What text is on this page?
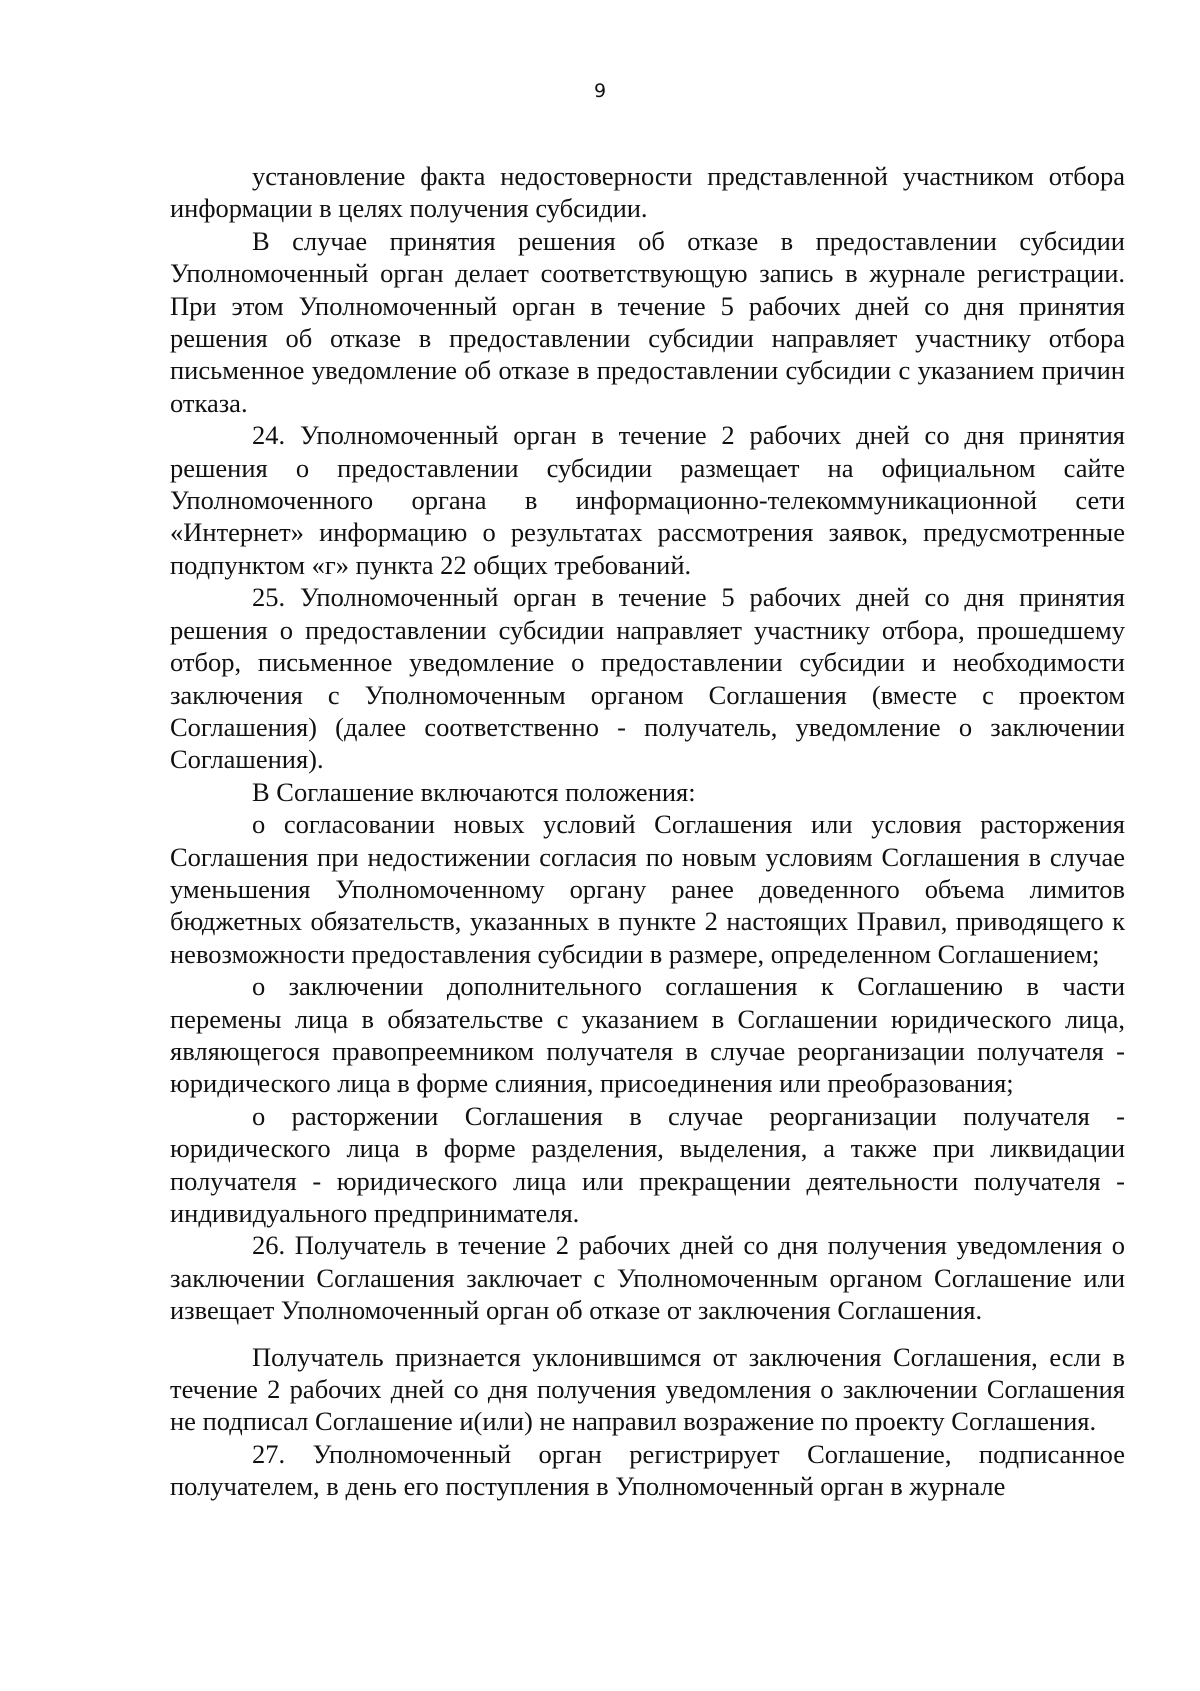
9

установление факта недостоверности представленной участником отбора информации в целях получения субсидии.

В случае принятия решения об отказе в предоставлении субсидии Уполномоченный орган делает соответствующую запись в журнале регистрации. При этом Уполномоченный орган в течение 5 рабочих дней со дня принятия решения об отказе в предоставлении субсидии направляет участнику отбора письменное уведомление об отказе в предоставлении субсидии с указанием причин отказа.

24. Уполномоченный орган в течение 2 рабочих дней со дня принятия решения о предоставлении субсидии размещает на официальном сайте Уполномоченного органа в информационно-телекоммуникационной сети «Интернет» информацию о результатах рассмотрения заявок, предусмотренные подпунктом «г» пункта 22 общих требований.

25. Уполномоченный орган в течение 5 рабочих дней со дня принятия решения о предоставлении субсидии направляет участнику отбора, прошедшему отбор, письменное уведомление о предоставлении субсидии и необходимости заключения с Уполномоченным органом Соглашения (вместе с проектом Соглашения) (далее соответственно - получатель, уведомление о заключении Соглашения).

В Соглашение включаются положения:

о согласовании новых условий Соглашения или условия расторжения Соглашения при недостижении согласия по новым условиям Соглашения в случае уменьшения Уполномоченному органу ранее доведенного объема лимитов бюджетных обязательств, указанных в пункте 2 настоящих Правил, приводящего к невозможности предоставления субсидии в размере, определенном Соглашением;

о заключении дополнительного соглашения к Соглашению в части перемены лица в обязательстве с указанием в Соглашении юридического лица, являющегося правопреемником получателя в случае реорганизации получателя - юридического лица в форме слияния, присоединения или преобразования;

о расторжении Соглашения в случае реорганизации получателя - юридического лица в форме разделения, выделения, а также при ликвидации получателя - юридического лица или прекращении деятельности получателя - индивидуального предпринимателя.

26. Получатель в течение 2 рабочих дней со дня получения уведомления о заключении Соглашения заключает с Уполномоченным органом Соглашение или извещает Уполномоченный орган об отказе от заключения Соглашения.

Получатель признается уклонившимся от заключения Соглашения, если в течение 2 рабочих дней со дня получения уведомления о заключении Соглашения не подписал Соглашение и(или) не направил возражение по проекту Соглашения.

27. Уполномоченный орган регистрирует Соглашение, подписанное получателем, в день его поступления в Уполномоченный орган в журнале
